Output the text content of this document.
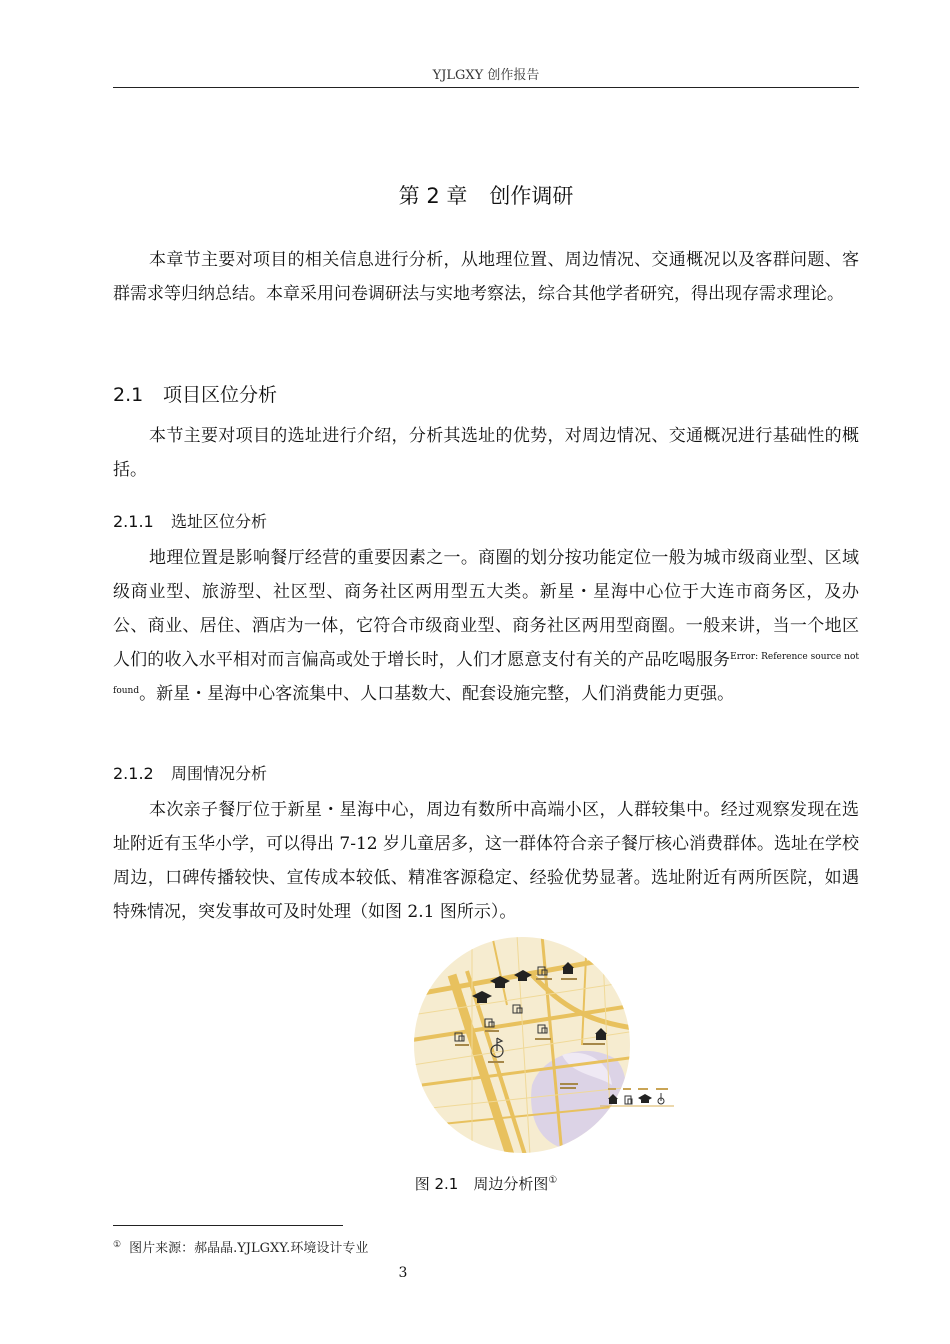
YJLGXY 创作报告
第 2 章 创作调研

本章节主要对项目的相关信息进行分析，从地理位置、周边情况、交通概况以及客群问题、客群需求等归纳总结。本章采用问卷调研法与实地考察法，综合其他学者研究，得出现存需求理论。

2.1 项目区位分析

本节主要对项目的选址进行介绍，分析其选址的优势，对周边情况、交通概况进行基础性的概括。

2.1.1 选址区位分析

地理位置是影响餐厅经营的重要因素之一。商圈的划分按功能定位一般为城市级商业型、区域级商业型、旅游型、社区型、商务社区两用型五大类。新星・星海中心位于大连市商务区，及办公、商业、居住、酒店为一体，它符合市级商业型、商务社区两用型商圈。一般来讲，当一个地区人们的收入水平相对而言偏高或处于增长时，人们才愿意支付有关的产品吃喝服务$^{Error: Reference source not found}$。新星・星海中心客流集中、人口基数大、配套设施完整，人们消费能力更强。

2.1.2 周围情况分析

本次亲子餐厅位于新星・星海中心，周边有数所中高端小区，人群较集中。经过观察发现在选址附近有玉华小学，可以得出 7-12 岁儿童居多，这一群体符合亲子餐厅核心消费群体。选址在学校周边，口碑传播较快、宣传成本较低、精准客源稳定、经验优势显著。选址附近有两所医院，如遇特殊情况，突发事故可及时处理（如图 2.1 图所示）。

图 2.1　周边分析图①
① 图片来源：郝晶晶.YJLGXY.环境设计专业
3
